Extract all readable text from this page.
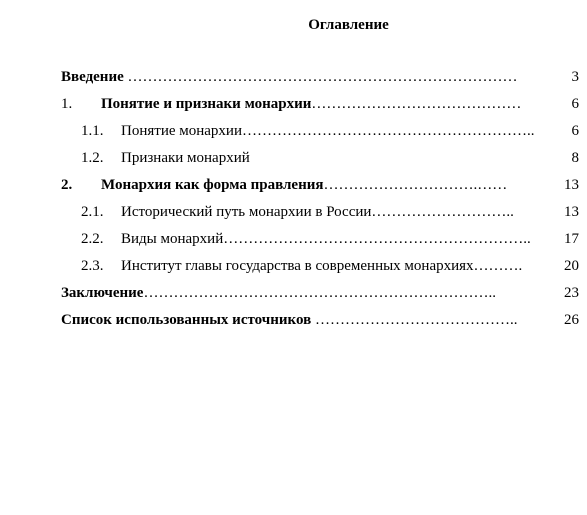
Оглавление
Введение ……………………………………………………………………	3
1. Понятие и признаки монархии……………………………………	6
1.1. Понятие монархии………………………………………………….. 6
1.2. Признаки монархий	8
2. Монархия как форма правления………………………….……	13
2.1. Исторический путь монархии в России………………………..	13
2.2. Виды монархий…………………………………………………….. 17
2.3. Институт главы государства в современных монархиях……….	20
Заключение……………………………………………………………..	23
Список использованных источников …………………………………..	26
